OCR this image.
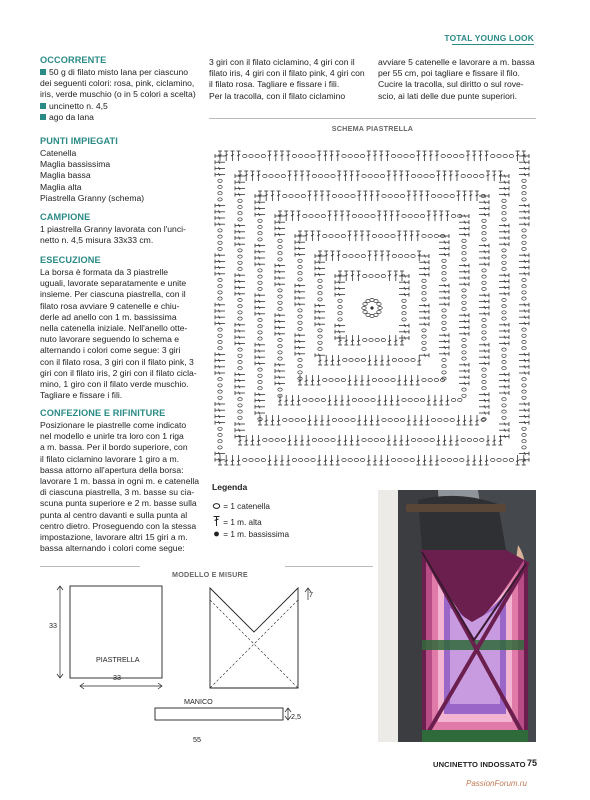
TOTAL YOUNG LOOK
OCCORRENTE
50 g di filato misto lana per ciascuno
dei seguenti colori: rosa, pink, ciclamino,
iris, verde muschio (o in 5 colori a scelta)
uncinetto n. 4,5
ago da lana
PUNTI IMPIEGATI
Catenella
Maglia bassissima
Maglia bassa
Maglia alta
Piastrella Granny (schema)
CAMPIONE
1 piastrella Granny lavorata con l'unci-
netto n. 4,5 misura 33x33 cm.
ESECUZIONE
La borsa è formata da 3 piastrelle
uguali, lavorate separatamente e unite
insieme. Per ciascuna piastrella, con il
filato rosa avviare 9 catenelle e chiu-
derle ad anello con 1 m. bassissima
nella catenella iniziale. Nell'anello otte-
nuto lavorare seguendo lo schema e
alternando i colori come segue: 3 giri
con il filato rosa, 3 giri con il filato pink, 3
giri con il filato iris, 2 giri con il filato cicla-
mino, 1 giro con il filato verde muschio.
Tagliare e fissare i fili.
CONFEZIONE E RIFINITURE
Posizionare le piastrelle come indicato
nel modello e unirle tra loro con 1 riga
a m. bassa. Per il bordo superiore, con
il filato ciclamino lavorare 1 giro a m.
bassa attorno all'apertura della borsa:
lavorare 1 m. bassa in ogni m. e catenella
di ciascuna piastrella, 3 m. basse su cia-
scuna punta superiore e 2 m. basse sulla
punta al centro davanti e sulla punta al
centro dietro. Proseguendo con la stessa
impostazione, lavorare altri 15 giri a m.
bassa alternando i colori come segue:
3 giri con il filato ciclamino, 4 giri con il
filato iris, 4 giri con il filato pink, 4 giri con
il filato rosa. Tagliare e fissare i fili.
Per la tracolla, con il filato ciclamino
avviare 5 catenelle e lavorare a m. bassa
per 55 cm, poi tagliare e fissare il filo.
Cucire la tracolla, sul diritto o sul rove-
scio, ai lati delle due punte superiori.
SCHEMA PIASTRELLA
Legenda
= 1 catenella
= 1 m. alta
= 1 m. bassissima
MODELLO E MISURE
33
PIASTRELLA
33
7
MANICO
2,5
55
UNCINETTO INDOSSATO 75
PassionForum.ru
